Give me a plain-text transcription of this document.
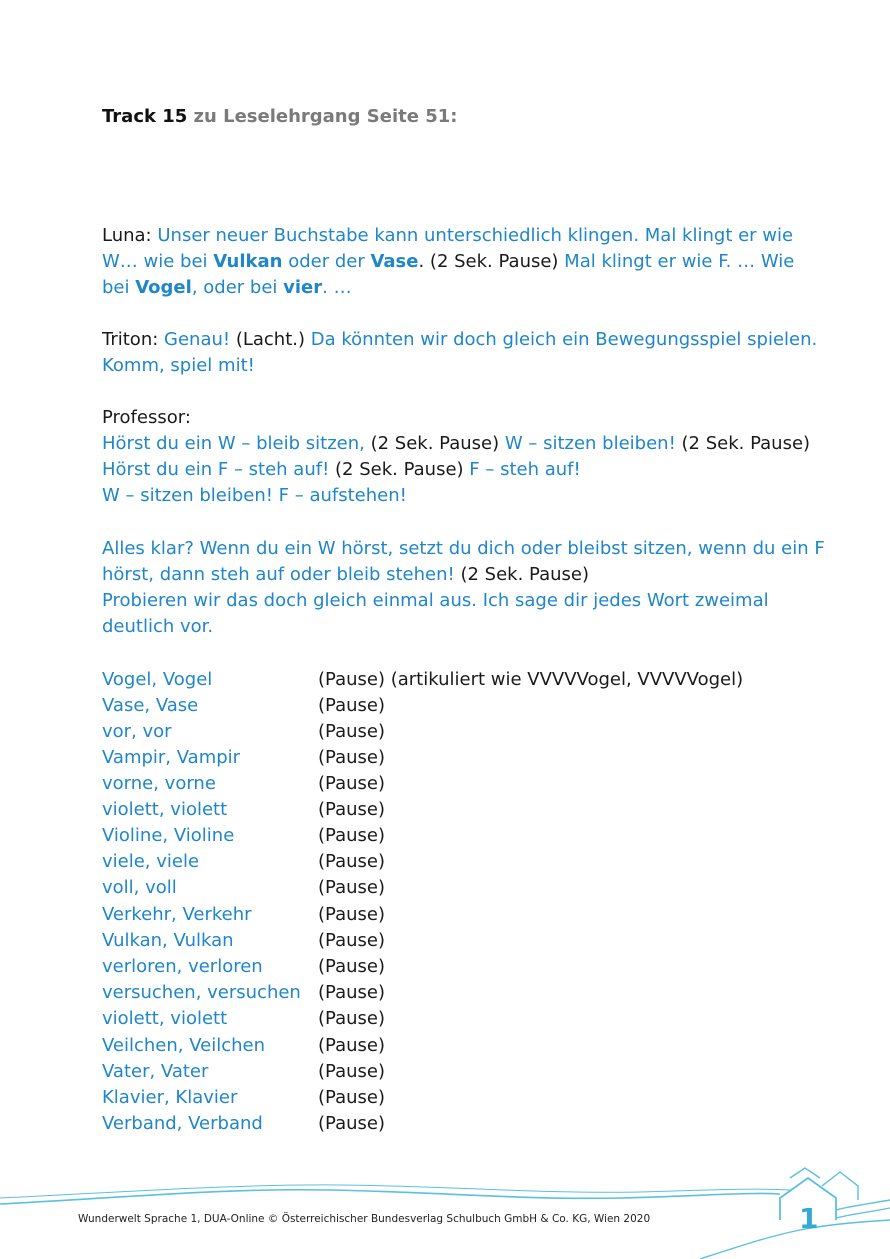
Track 15 zu Leselehrgang Seite 51:
Luna: Unser neuer Buchstabe kann unterschiedlich klingen. Mal klingt er wie
W… wie bei Vulkan oder der Vase. (2 Sek. Pause) Mal klingt er wie F. … Wie
bei Vogel, oder bei vier. …
Triton: Genau! (Lacht.) Da könnten wir doch gleich ein Bewegungsspiel spielen.
Komm, spiel mit!
Professor:
Hörst du ein W – bleib sitzen, (2 Sek. Pause) W – sitzen bleiben! (2 Sek. Pause)
Hörst du ein F – steh auf! (2 Sek. Pause) F – steh auf!
W – sitzen bleiben! F – aufstehen!
Alles klar? Wenn du ein W hörst, setzt du dich oder bleibst sitzen, wenn du ein F
hörst, dann steh auf oder bleib stehen! (2 Sek. Pause)
Probieren wir das doch gleich einmal aus. Ich sage dir jedes Wort zweimal
deutlich vor.
Vogel, Vogel	(Pause) (artikuliert wie VVVVVogel, VVVVVogel)
Vase, Vase	(Pause)
vor, vor	(Pause)
Vampir, Vampir	(Pause)
vorne, vorne	(Pause)
violett, violett	(Pause)
Violine, Violine	(Pause)
viele, viele	(Pause)
voll, voll	(Pause)
Verkehr, Verkehr	(Pause)
Vulkan, Vulkan	(Pause)
verloren, verloren	(Pause)
versuchen, versuchen (Pause)
violett, violett	(Pause)
Veilchen, Veilchen	(Pause)
Vater, Vater	(Pause)
Klavier, Klavier	(Pause)
Verband, Verband	(Pause)
Wunderwelt Sprache 1, DUA-Online © Österreichischer Bundesverlag Schulbuch GmbH & Co. KG, Wien 2020	1
